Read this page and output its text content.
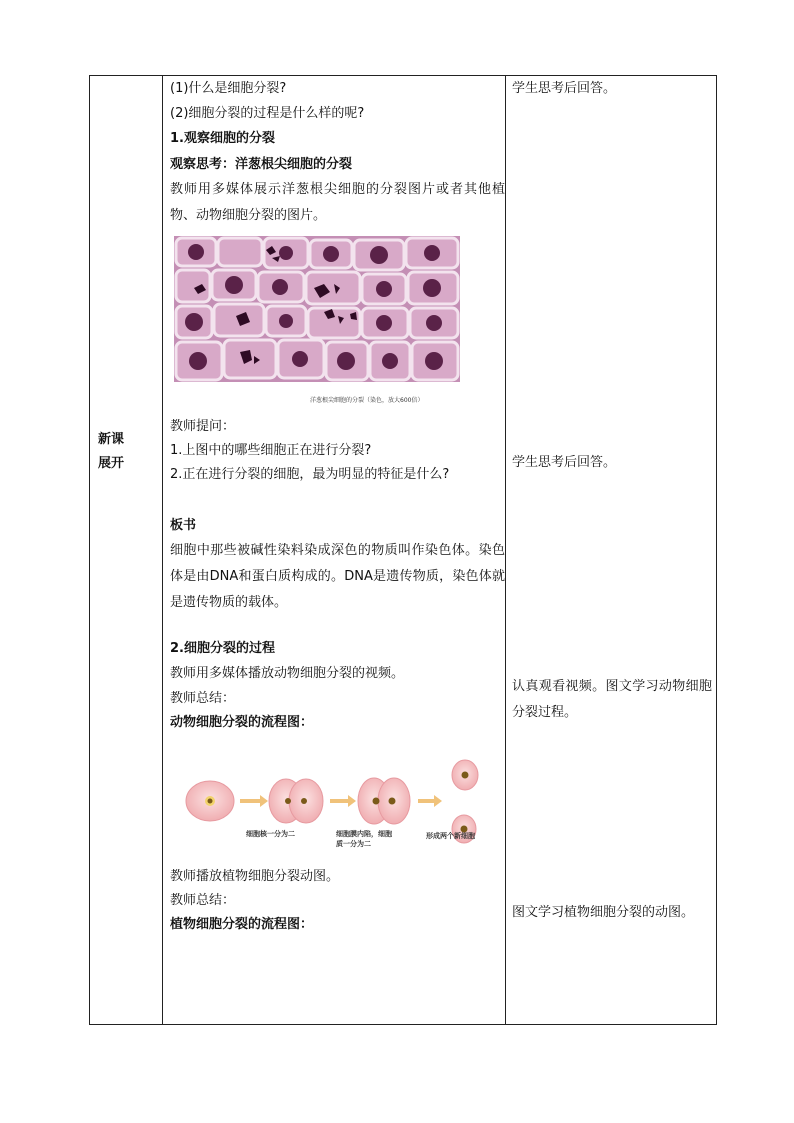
新课
展开
(1)什么是细胞分裂?
(2)细胞分裂的过程是什么样的呢?
1.观察细胞的分裂
观察思考：洋葱根尖细胞的分裂
教师用多媒体展示洋葱根尖细胞的分裂图片或者其他植物、动物细胞分裂的图片。
洋葱根尖细胞的分裂（染色，放大600倍）
教师提问：
1.上图中的哪些细胞正在进行分裂?
2.正在进行分裂的细胞，最为明显的特征是什么?
板书
细胞中那些被碱性染料染成深色的物质叫作染色体。染色体是由DNA和蛋白质构成的。DNA是遗传物质，染色体就是遗传物质的载体。
2.细胞分裂的过程
教师用多媒体播放动物细胞分裂的视频。
教师总结：
动物细胞分裂的流程图：
细胞核一分为二	细胞膜内陷，细胞质一分为二
形成两个新细胞
教师播放植物细胞分裂动图。
教师总结：
植物细胞分裂的流程图：
学生思考后回答。
学生思考后回答。
认真观看视频。图文学习动物细胞分裂过程。
图文学习植物细胞分裂的动图。
